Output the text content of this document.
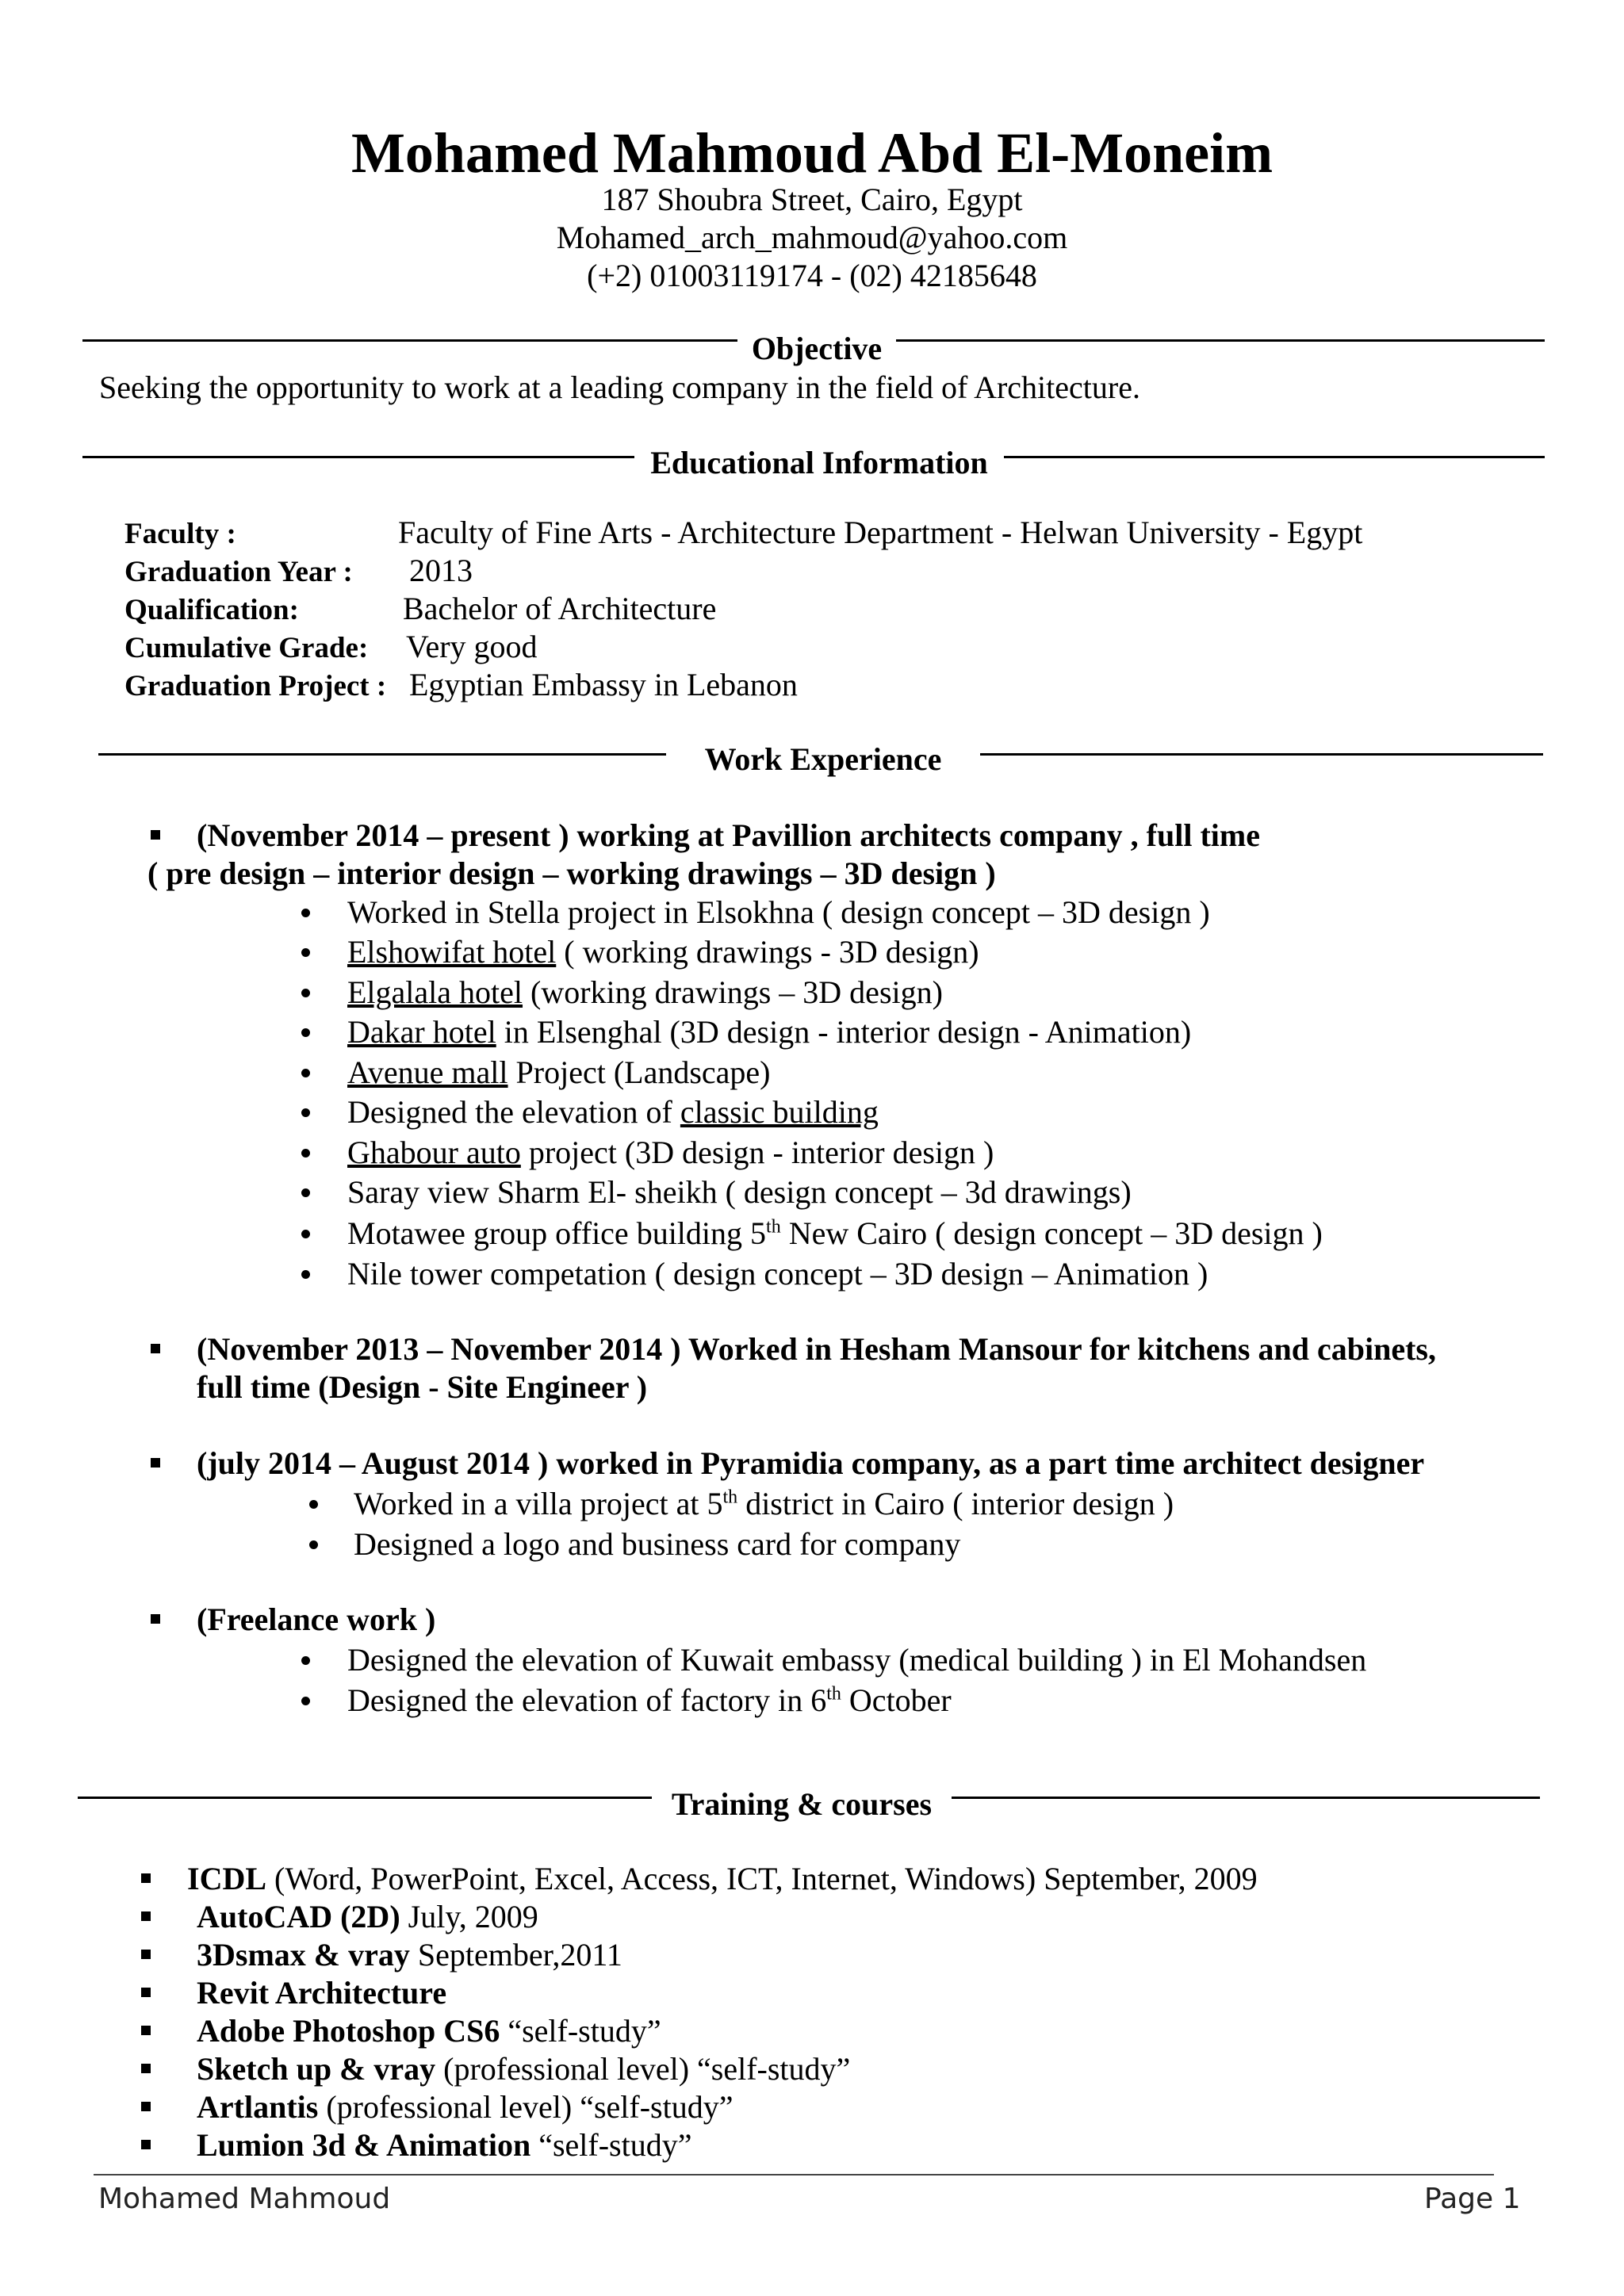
Mohamed Mahmoud Abd El-Moneim
187 Shoubra Street, Cairo, Egypt
Mohamed_arch_mahmoud@yahoo.com
(+2) 01003119174 - (02) 42185648
Objective
Seeking the opportunity to work at a leading company in the field of Architecture.
Educational Information
Faculty :	Faculty of Fine Arts - Architecture Department - Helwan University - Egypt
Graduation Year : 2013
Qualification:	Bachelor of Architecture
Cumulative Grade: Very good
Graduation Project : Egyptian Embassy in Lebanon
Work Experience
(November 2014 – present ) working at Pavillion architects company , full time
( pre design – interior design – working drawings – 3D design )
Worked in Stella project in Elsokhna ( design concept – 3D design )
Elshowifat hotel ( working drawings - 3D design)
Elgalala hotel (working drawings – 3D design)
Dakar hotel in Elsenghal (3D design - interior design - Animation)
Avenue mall Project (Landscape)
Designed the elevation of classic building
Ghabour auto project (3D design - interior design )
Saray view Sharm El- sheikh ( design concept – 3d drawings)
Motawee group office building 5th New Cairo ( design concept – 3D design )
Nile tower competation ( design concept – 3D design – Animation )
(November 2013 – November 2014 ) Worked in Hesham Mansour for kitchens and cabinets,
full time (Design - Site Engineer )
(july 2014 – August 2014 ) worked in Pyramidia company, as a part time architect designer
Worked in a villa project at 5th district in Cairo ( interior design )
Designed a logo and business card for company
(Freelance work )
Designed the elevation of Kuwait embassy (medical building ) in El Mohandsen
Designed the elevation of factory in 6th October
Training & courses
ICDL (Word, PowerPoint, Excel, Access, ICT, Internet, Windows) September, 2009
AutoCAD (2D) July, 2009
3Dsmax & vray September,2011
Revit Architecture
Adobe Photoshop CS6 “self-study”
Sketch up & vray (professional level) “self-study”
Artlantis (professional level) “self-study”
Lumion 3d & Animation “self-study”
Mohamed Mahmoud	Page 1
